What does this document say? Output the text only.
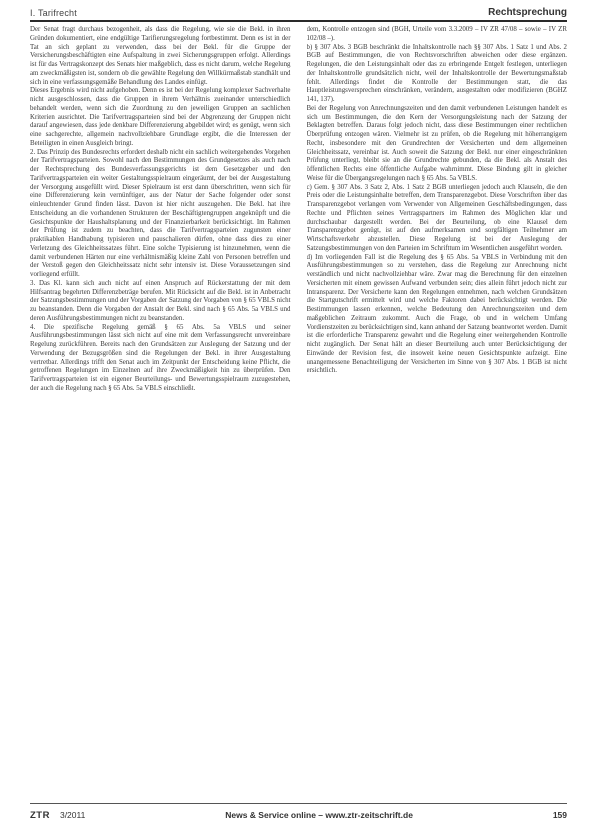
I. Tarifrecht	Rechtsprechung

Der Senat fragt durchaus bezogenheit, als dass die Regelung, wie sie die Bekl. in ihren Gründen dokumentiert, eine endgültige Tarifierungsregelung fortbestimmt. Denn es ist in der Tat an sich geplant zu verwenden, dass bei der Bekl. für die Gruppe der Versicherungsbeschäftigten eine Aufspaltung in zwei Sicherungsgruppen erfolgt. Allerdings ist für das Vertragskonzept des Senats hier maßgeblich, dass es nicht darum, welche Regelung am zweckmäßigsten ist, sondern ob die gewählte Regelung den Willkürmaßstab standhält und sich in eine verfassungsgemäße Behandlung des Landes einfügt.

Dieses Ergebnis wird nicht aufgehoben. Denn es ist bei der Regelung komplexer Sachverhalte nicht ausgeschlossen, dass die Gruppen in ihrem Verhältnis zueinander unterschiedlich behandelt werden, wenn sich die Zuordnung zu den jeweiligen Gruppen an sachlichen Kriterien ausrichtet. Die Tarifvertragsparteien sind bei der Abgrenzung der Gruppen nicht darauf angewiesen, dass jede denkbare Differenzierung abgebildet wird; es genügt, wenn sich eine sachgerechte, allgemein nachvollziehbare Grundlage ergibt, die die Interessen der Beteiligten in einen Ausgleich bringt.

2. Das Prinzip des Bundesrechts erfordert deshalb nicht ein sachlich weitergehendes Vorgehen der Tarifvertragsparteien. Sowohl nach den Bestimmungen des Grundgesetzes als auch nach der Rechtsprechung des Bundesverfassungsgerichts ist dem Gesetzgeber und den Tarifvertragsparteien ein weiter Gestaltungsspielraum eingeräumt, der bei der Ausgestaltung der Versorgung ausgefüllt wird. Dieser Spielraum ist erst dann überschritten, wenn sich für eine Differenzierung kein vernünftiger, aus der Natur der Sache folgender oder sonst einleuchtender Grund finden lässt. Davon ist hier nicht auszugehen. Die Bekl. hat ihre Entscheidung an die vorhandenen Strukturen der Beschäftigtengruppen angeknüpft und die Gesichtspunkte der Haushaltsplanung und der Finanzierbarkeit berücksichtigt. Im Rahmen der Prüfung ist zudem zu beachten, dass die Tarifvertragsparteien zugunsten einer praktikablen Handhabung typisieren und pauschalieren dürfen, ohne dass dies zu einer Verletzung des Gleichheitssatzes führt. Eine solche Typisierung ist hinzunehmen, wenn die damit verbundenen Härten nur eine verhältnismäßig kleine Zahl von Personen betreffen und der Verstoß gegen den Gleichheitssatz nicht sehr intensiv ist. Diese Voraussetzungen sind vorliegend erfüllt.

3. Das Kl. kann sich auch nicht auf einen Anspruch auf Rückerstattung der mit dem Hilfsantrag begehrten Differenzbeträge berufen. Mit Rücksicht auf die Bekl. ist in Anbetracht der Satzungsbestimmungen und der Vorgaben der Satzung der Vorgaben von § 65 VBLS nicht zu beanstanden. Denn die Vorgaben der Anstalt der Bekl. sind nach § 65 Abs. 5a VBLS und deren Ausführungsbestimmungen nicht zu beanstanden.

4. Die spezifische Regelung gemäß § 65 Abs. 5a VBLS und seiner Ausführungsbestimmungen lässt sich nicht auf eine mit dem Verfassungsrecht unvereinbare Regelung zurückführen. Bereits nach den Grundsätzen zur Auslegung der Satzung und der Verwendung der Bezugsgrößen sind die Regelungen der Bekl. in ihrer Ausgestaltung vertretbar. Allerdings trifft den Senat auch im Zeitpunkt der Entscheidung keine Pflicht, die getroffenen Regelungen im Einzelnen auf ihre Zweckmäßigkeit hin zu überprüfen. Den Tarifvertragsparteien ist ein eigener Beurteilungs- und Bewertungsspielraum zuzugestehen, der auch die Regelung nach § 65 Abs. 5a VBLS einschließt.

dem, Kontrolle entzogen sind (BGH, Urteile vom 3.3.2009 – IV ZR 47/08 – sowie – IV ZR 102/08 –).

b) § 307 Abs. 3 BGB beschränkt die Inhaltskontrolle nach §§ 307 Abs. 1 Satz 1 und Abs. 2 BGB auf Bestimmungen, die von Rechtsvorschriften abweichen oder diese ergänzen. Regelungen, die den Leistungsinhalt oder das zu erbringende Entgelt festlegen, unterliegen der Inhaltskontrolle grundsätzlich nicht, weil der Inhaltskontrolle der Bewertungsmaßstab fehlt. Allerdings findet die Kontrolle der Bestimmungen statt, die das Hauptleistungsversprechen einschränken, verändern, ausgestalten oder modifizieren (BGHZ 141, 137).

Bei der Regelung von Anrechnungszeiten und den damit verbundenen Leistungen handelt es sich um Bestimmungen, die den Kern der Versorgungsleistung nach der Satzung der Beklagten betreffen. Daraus folgt jedoch nicht, dass diese Bestimmungen einer rechtlichen Überprüfung entzogen wären. Vielmehr ist zu prüfen, ob die Regelung mit höherrangigem Recht, insbesondere mit den Grundrechten der Versicherten und dem allgemeinen Gleichheitssatz, vereinbar ist. Auch soweit die Satzung der Bekl. nur einer eingeschränkten Prüfung unterliegt, bleibt sie an die Grundrechte gebunden, da die Bekl. als Anstalt des öffentlichen Rechts eine öffentliche Aufgabe wahrnimmt. Diese Bindung gilt in gleicher Weise für die Übergangsregelungen nach § 65 Abs. 5a VBLS.

c) Gem. § 307 Abs. 3 Satz 2, Abs. 1 Satz 2 BGB unterliegen jedoch auch Klauseln, die den Preis oder die Leistungsinhalte betreffen, dem Transparenzgebot. Diese Vorschriften über das Transparenzgebot verlangen vom Verwender von Allgemeinen Geschäftsbedingungen, dass Rechte und Pflichten seines Vertragspartners im Rahmen des Möglichen klar und durchschaubar dargestellt werden. Bei der Beurteilung, ob eine Klausel dem Transparenzgebot genügt, ist auf den aufmerksamen und sorgfältigen Teilnehmer am Wirtschaftsverkehr abzustellen. Diese Regelung ist bei der Auslegung der Satzungsbestimmungen von den Parteien im Schrifttum im Wesentlichen ausgeführt worden.

d) Im vorliegenden Fall ist die Regelung des § 65 Abs. 5a VBLS in Verbindung mit den Ausführungsbestimmungen so zu verstehen, dass die Regelung zur Anrechnung nicht verständlich und nicht nachvollziehbar wäre. Zwar mag die Berechnung für den einzelnen Versicherten mit einem gewissen Aufwand verbunden sein; dies allein führt jedoch nicht zur Intransparenz. Der Versicherte kann den Regelungen entnehmen, nach welchen Grundsätzen die Startgutschrift ermittelt wird und welche Faktoren dabei berücksichtigt werden. Die Bestimmungen lassen erkennen, welche Bedeutung den Anrechnungszeiten und dem maßgeblichen Zeitraum zukommt. Auch die Frage, ob und in welchem Umfang Vordienstzeiten zu berücksichtigen sind, kann anhand der Satzung beantwortet werden. Damit ist die erforderliche Transparenz gewahrt und die Regelung einer weitergehenden Kontrolle nicht zugänglich. Der Senat hält an dieser Beurteilung auch unter Berücksichtigung der Einwände der Revision fest, die insoweit keine neuen Gesichtspunkte aufzeigt. Eine unangemessene Benachteiligung der Versicherten im Sinne von § 307 Abs. 1 BGB ist nicht ersichtlich.

ZTR 3/2011	News & Service online – www.ztr-zeitschrift.de	159
